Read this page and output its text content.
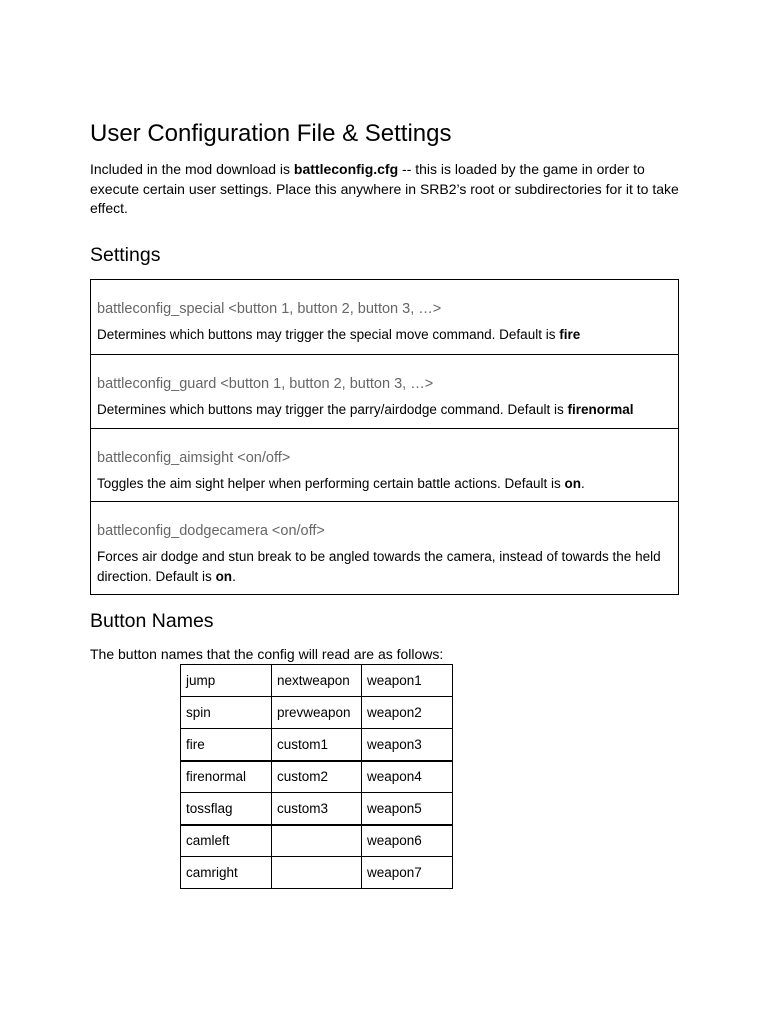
User Configuration File & Settings

Included in the mod download is battleconfig.cfg -- this is loaded by the game in order to execute certain user settings. Place this anywhere in SRB2’s root or subdirectories for it to take effect.

Settings
battleconfig_special <button 1, button 2, button 3, …>
Determines which buttons may trigger the special move command. Default is fire
battleconfig_guard <button 1, button 2, button 3, …>
Determines which buttons may trigger the parry/airdodge command. Default is firenormal
battleconfig_aimsight <on/off>
Toggles the aim sight helper when performing certain battle actions. Default is on.
battleconfig_dodgecamera <on/off>
Forces air dodge and stun break to be angled towards the camera, instead of towards the held direction. Default is on.
Button Names

The button names that the config will read are as follows:

jump	nextweapon	weapon1
spin	prevweapon	weapon2
fire	custom1	weapon3
firenormal	custom2	weapon4
tossflag	custom3	weapon5
camleft		weapon6
camright		weapon7
